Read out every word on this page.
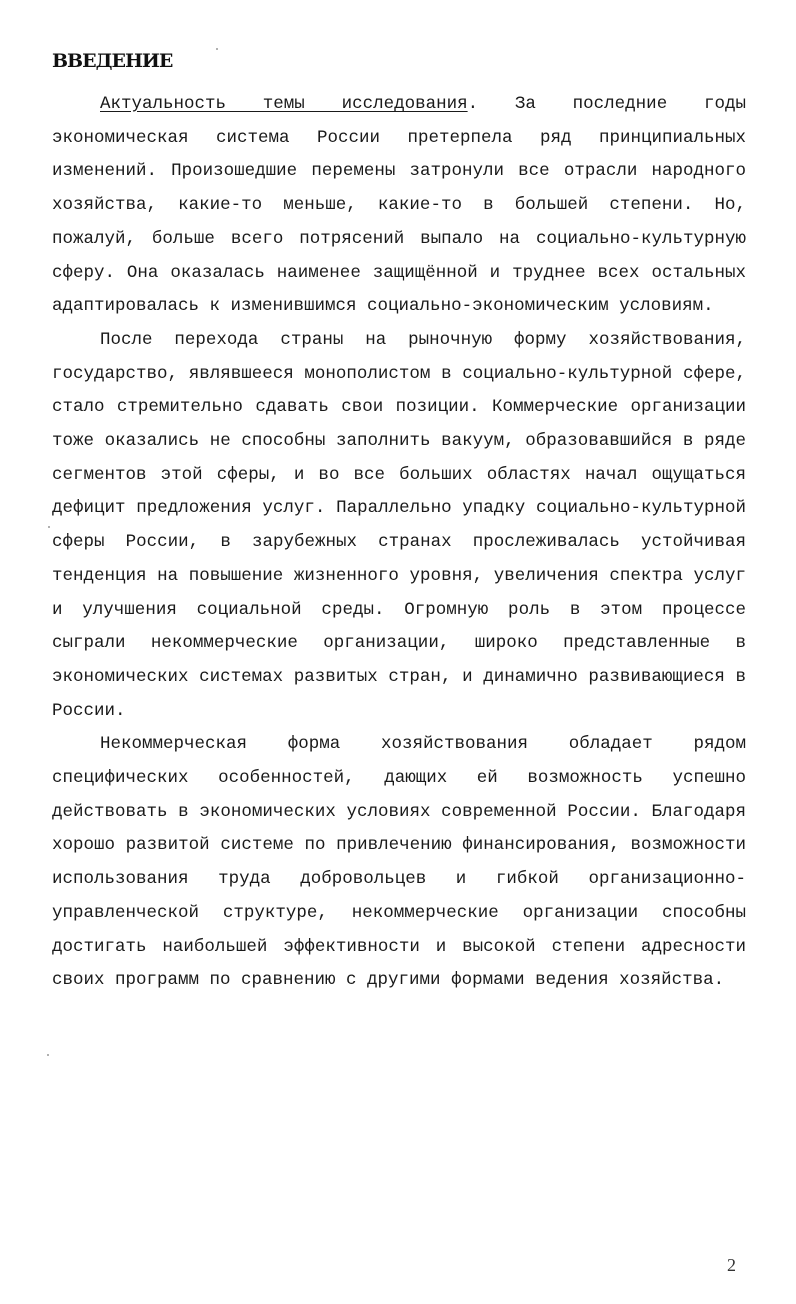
ВВЕДЕНИЕ

Актуальность темы исследования. За последние годы экономическая система России претерпела ряд принципиальных изменений. Произошедшие перемены затронули все отрасли народного хозяйства, какие-то меньше, какие-то в большей степени. Но, пожалуй, больше всего потрясений выпало на социально-культурную сферу. Она оказалась наименее защищённой и труднее всех остальных адаптировалась к изменившимся социально-экономическим условиям.

После перехода страны на рыночную форму хозяйствования, государство, являвшееся монополистом в социально-культурной сфере, стало стремительно сдавать свои позиции. Коммерческие организации тоже оказались не способны заполнить вакуум, образовавшийся в ряде сегментов этой сферы, и во все больших областях начал ощущаться дефицит предложения услуг. Параллельно упадку социально-культурной сферы России, в зарубежных странах прослеживалась устойчивая тенденция на повышение жизненного уровня, увеличения спектра услуг и улучшения социальной среды. Огромную роль в этом процессе сыграли некоммерческие организации, широко представленные в экономических системах развитых стран, и динамично развивающиеся в России.

Некоммерческая форма хозяйствования обладает рядом специфических особенностей, дающих ей возможность успешно действовать в экономических условиях современной России. Благодаря хорошо развитой системе по привлечению финансирования, возможности использования труда добровольцев и гибкой организационно-управленческой структуре, некоммерческие организации способны достигать наибольшей эффективности и высокой степени адресности своих программ по сравнению с другими формами ведения хозяйства.

2
